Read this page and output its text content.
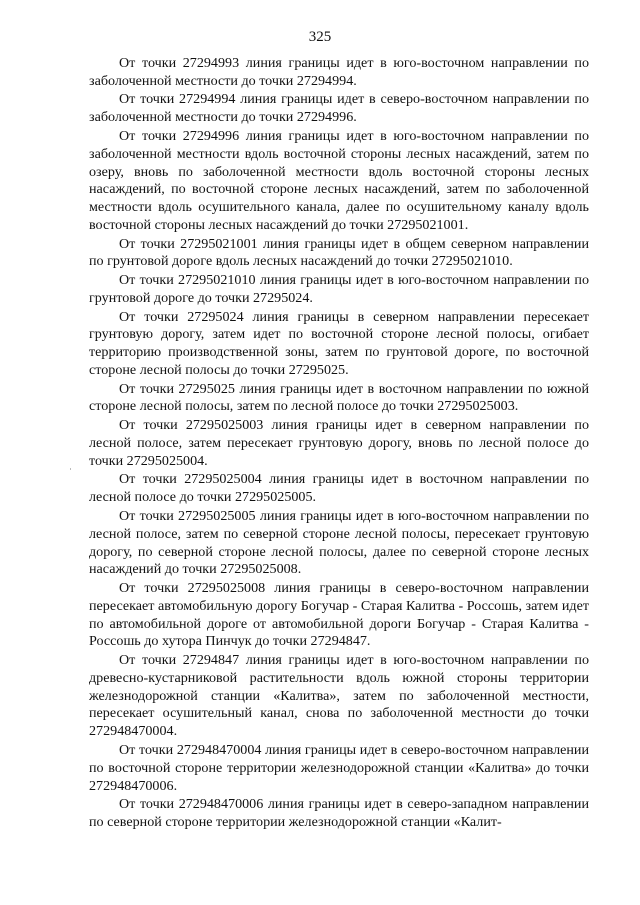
325

От точки 27294993 линия границы идет в юго-восточном направлении по заболоченной местности до точки 27294994.

От точки 27294994 линия границы идет в северо-восточном направлении по заболоченной местности до точки 27294996.

От точки 27294996 линия границы идет в юго-восточном направлении по заболоченной местности вдоль восточной стороны лесных насаждений, затем по озеру, вновь по заболоченной местности вдоль восточной стороны лесных насаждений, по восточной стороне лесных насаждений, затем по заболоченной местности вдоль осушительного канала, далее по осушительному каналу вдоль восточной стороны лесных насаждений до точки 27295021001.

От точки 27295021001 линия границы идет в общем северном направлении по грунтовой дороге вдоль лесных насаждений до точки 27295021010.

От точки 27295021010 линия границы идет в юго-восточном направлении по грунтовой дороге до точки 27295024.

От точки 27295024 линия границы в северном направлении пересекает грунтовую дорогу, затем идет по восточной стороне лесной полосы, огибает территорию производственной зоны, затем по грунтовой дороге, по восточной стороне лесной полосы до точки 27295025.

От точки 27295025 линия границы идет в восточном направлении по южной стороне лесной полосы, затем по лесной полосе до точки 27295025003.

От точки 27295025003 линия границы идет в северном направлении по лесной полосе, затем пересекает грунтовую дорогу, вновь по лесной полосе до точки 27295025004.

От точки 27295025004 линия границы идет в восточном направлении по лесной полосе до точки 27295025005.

От точки 27295025005 линия границы идет в юго-восточном направлении по лесной полосе, затем по северной стороне лесной полосы, пересекает грунтовую дорогу, по северной стороне лесной полосы, далее по северной стороне лесных насаждений до точки 27295025008.

От точки 27295025008 линия границы в северо-восточном направлении пересекает автомобильную дорогу Богучар - Старая Калитва - Россошь, затем идет по автомобильной дороге от автомобильной дороги Богучар - Старая Калитва - Россошь до хутора Пинчук до точки 27294847.

От точки 27294847 линия границы идет в юго-восточном направлении по древесно-кустарниковой растительности вдоль южной стороны территории железнодорожной станции «Калитва», затем по заболоченной местности, пересекает осушительный канал, снова по заболоченной местности до точки 272948470004.

От точки 272948470004 линия границы идет в северо-восточном направлении по восточной стороне территории железнодорожной станции «Калитва» до точки 272948470006.

От точки 272948470006 линия границы идет в северо-западном направлении по северной стороне территории железнодорожной станции «Калит-
